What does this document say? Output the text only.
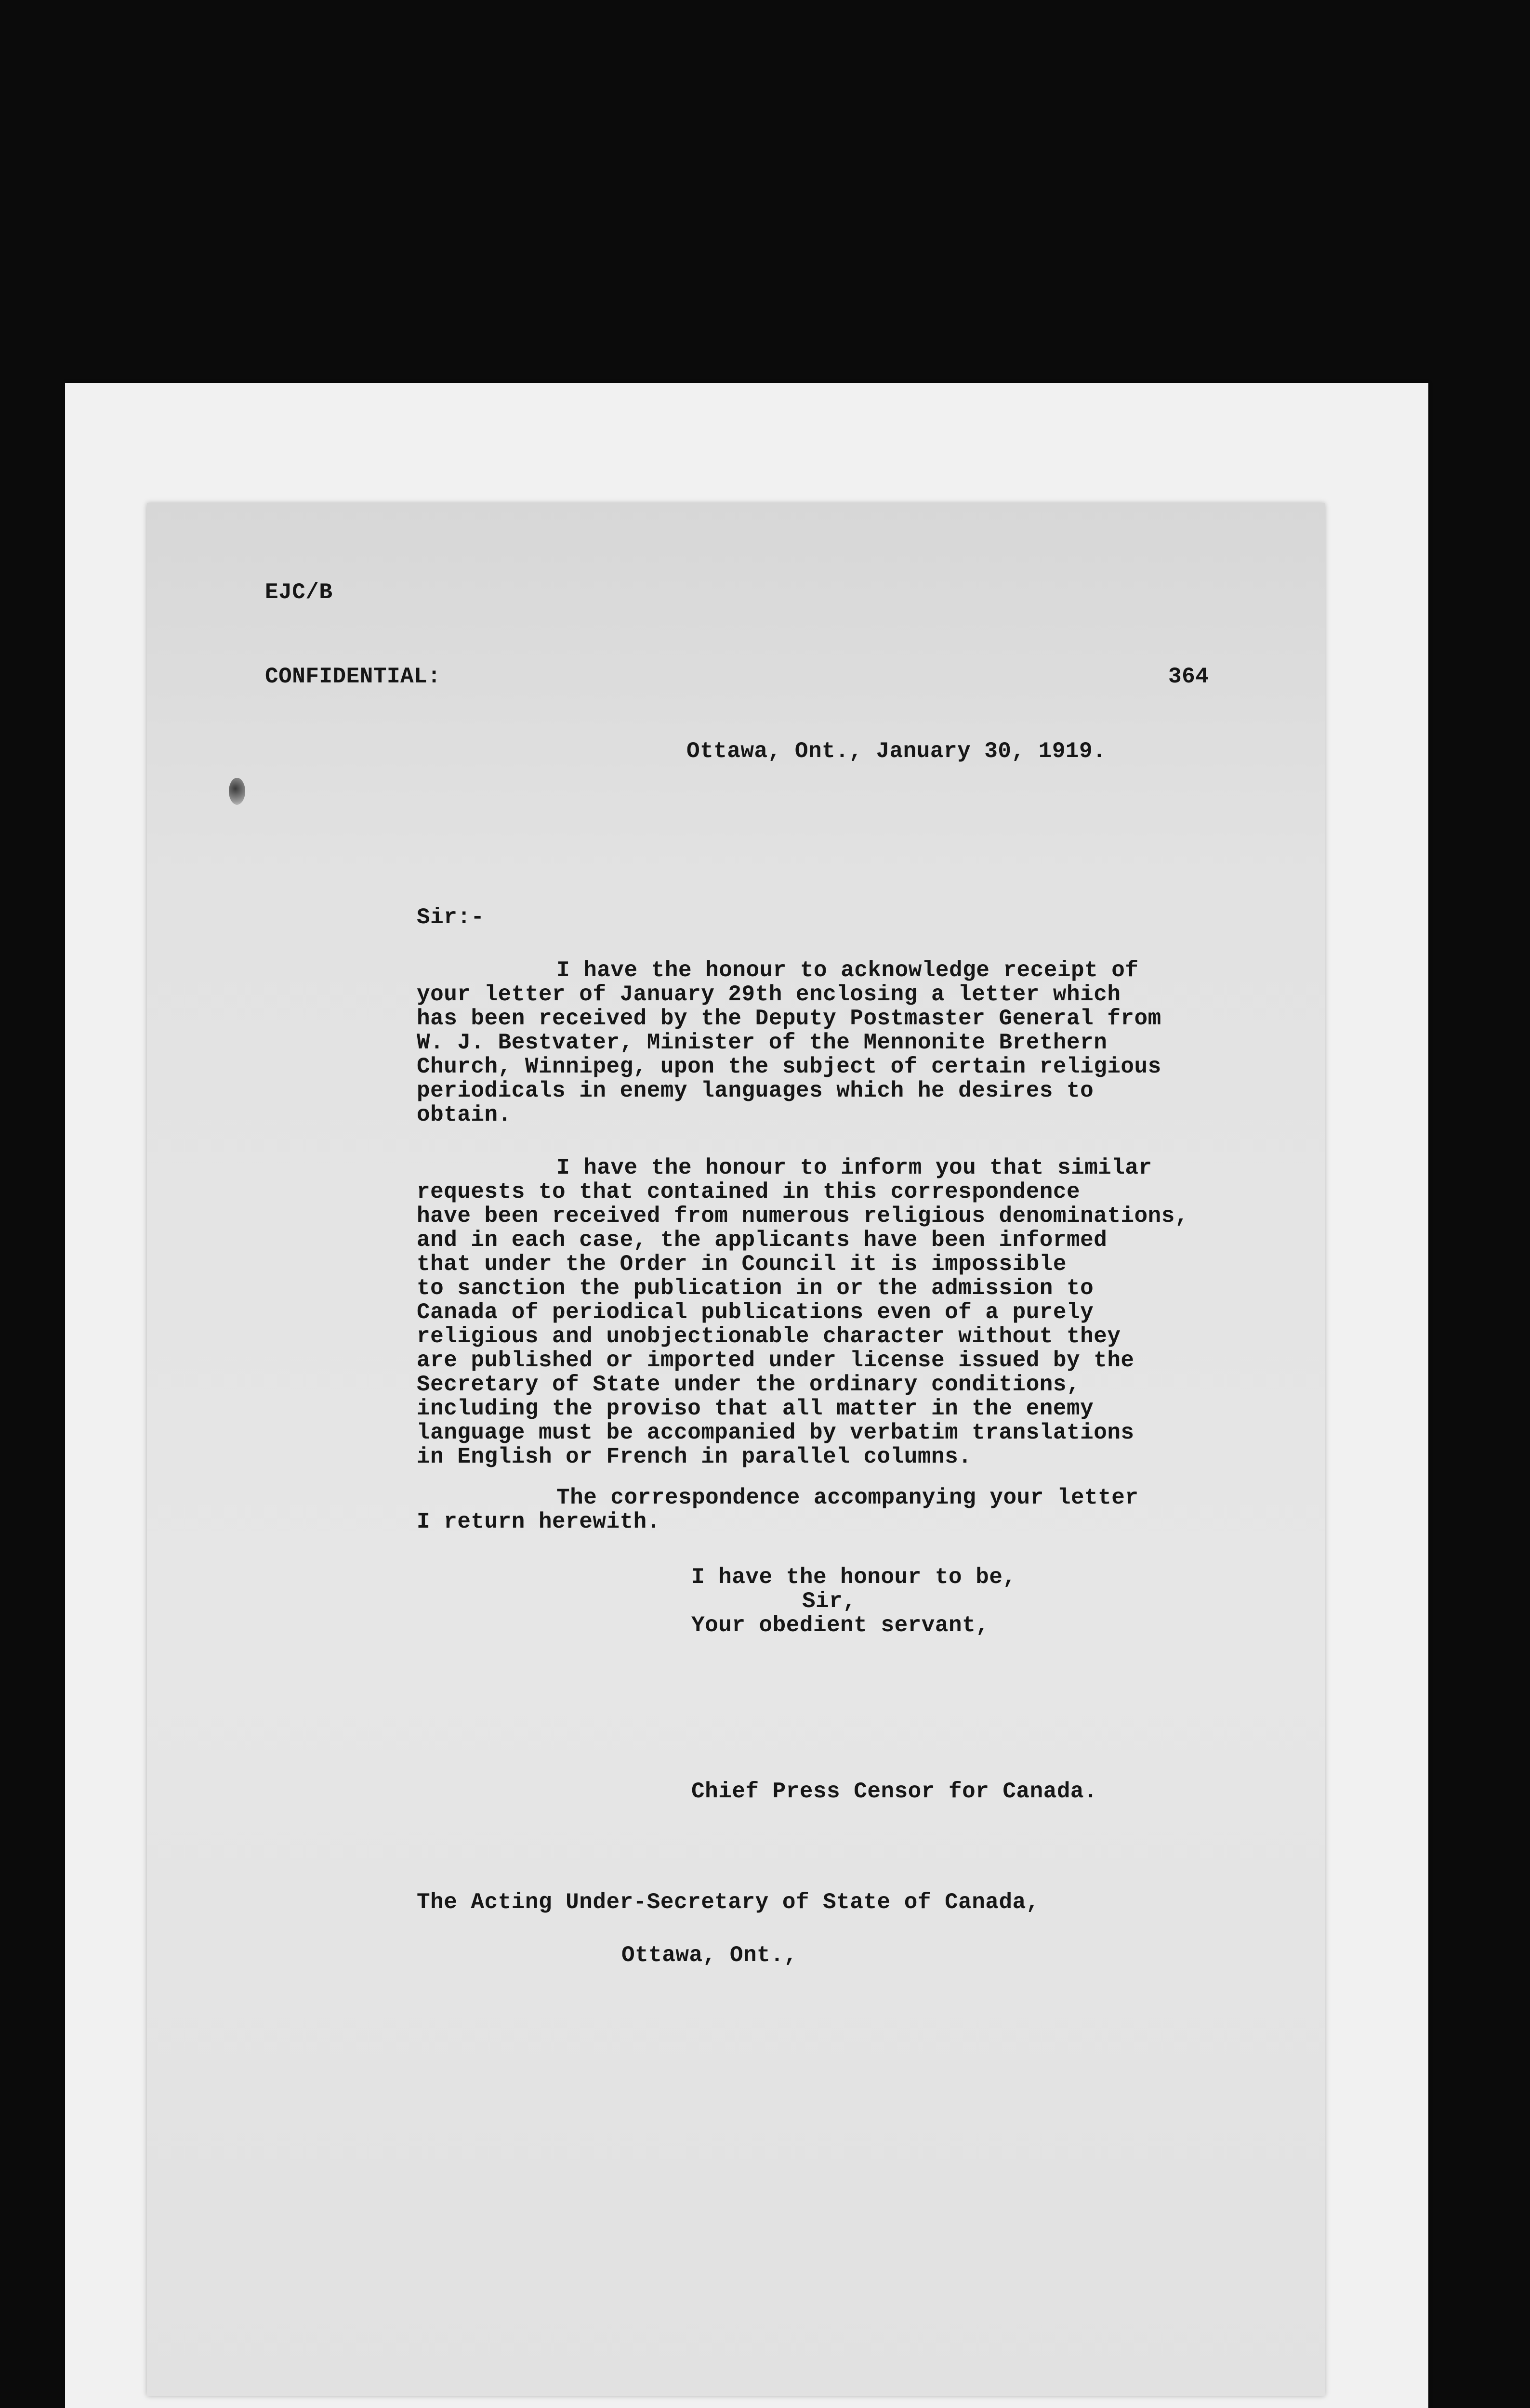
EJC/B
CONFIDENTIAL:	364
Ottawa, Ont., January 30, 1919.
Sir:-
I have the honour to acknowledge receipt of
your letter of January 29th enclosing a letter which
has been received by the Deputy Postmaster General from
W. J. Bestvater, Minister of the Mennonite Brethern
Church, Winnipeg, upon the subject of certain religious
periodicals in enemy languages which he desires to
obtain.
I have the honour to inform you that similar
requests to that contained in this correspondence
have been received from numerous religious denominations,
and in each case, the applicants have been informed
that under the Order in Council it is impossible
to sanction the publication in or the admission to
Canada of periodical publications even of a purely
religious and unobjectionable character without they
are published or imported under license issued by the
Secretary of State under the ordinary conditions,
including the proviso that all matter in the enemy
language must be accompanied by verbatim translations
in English or French in parallel columns.
The correspondence accompanying your letter
I return herewith.
I have the honour to be,
Sir,
Your obedient servant,
Chief Press Censor for Canada.
The Acting Under-Secretary of State of Canada,
Ottawa, Ont.,
